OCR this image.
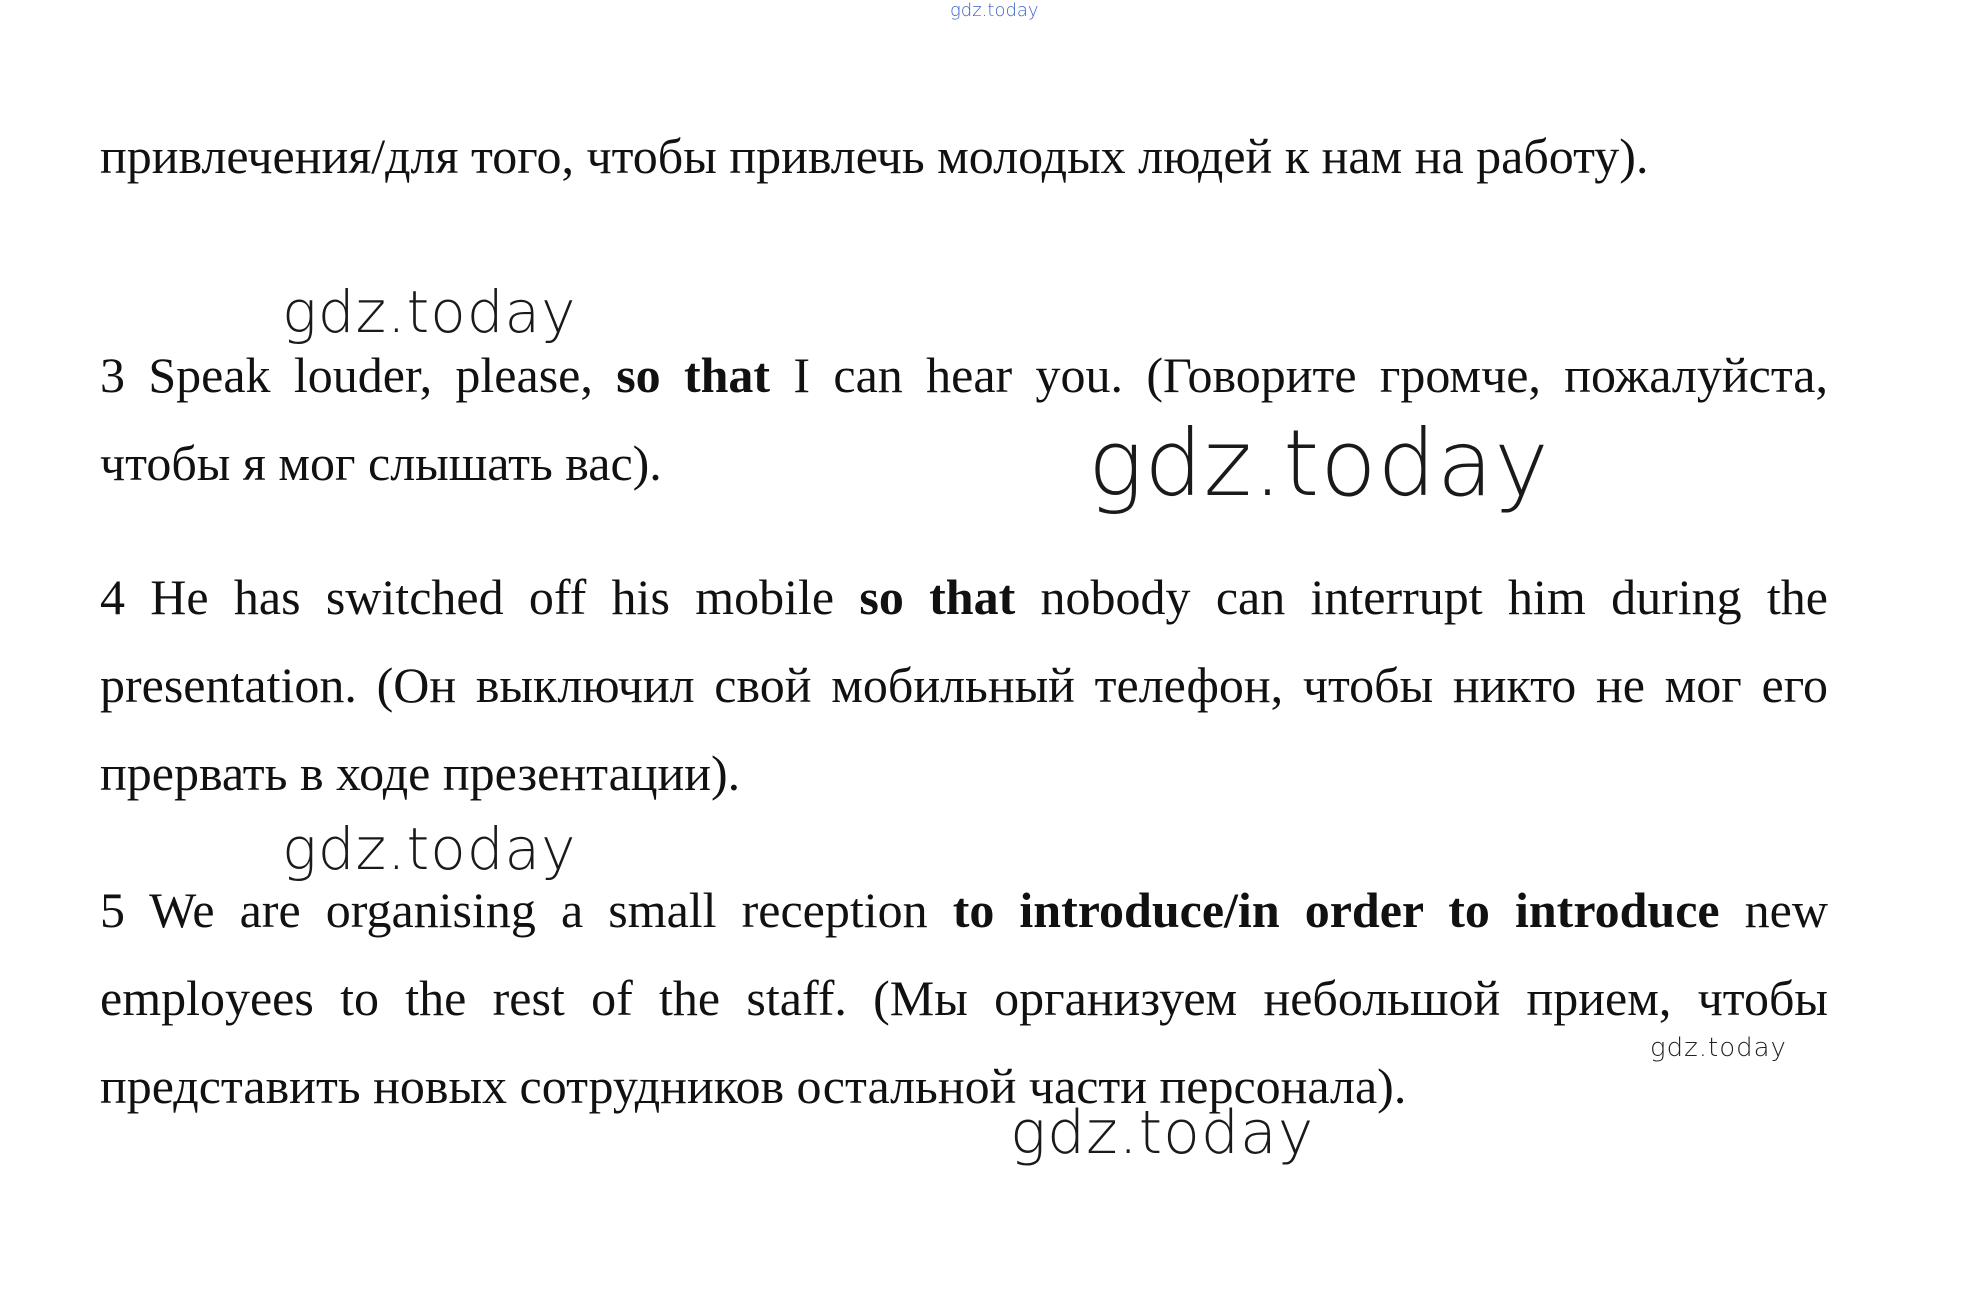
gdz.today

привлечения/для того, чтобы привлечь молодых людей к нам на работу).

gdz.today

3 Speak louder, please, so that I can hear you. (Говорите громче, пожалуйста, чтобы я мог слышать вас).	gdz.today

4 He has switched off his mobile so that nobody can interrupt him during the presentation. (Он выключил свой мобильный телефон, чтобы никто не мог его прервать в ходе презентации).

gdz.today

5 We are organising a small reception to introduce/in order to introduce new employees to the rest of the staff. (Мы организуем небольшой прием, чтобы представить новых сотрудников остальной части персонала).

gdz.today
gdz.today
